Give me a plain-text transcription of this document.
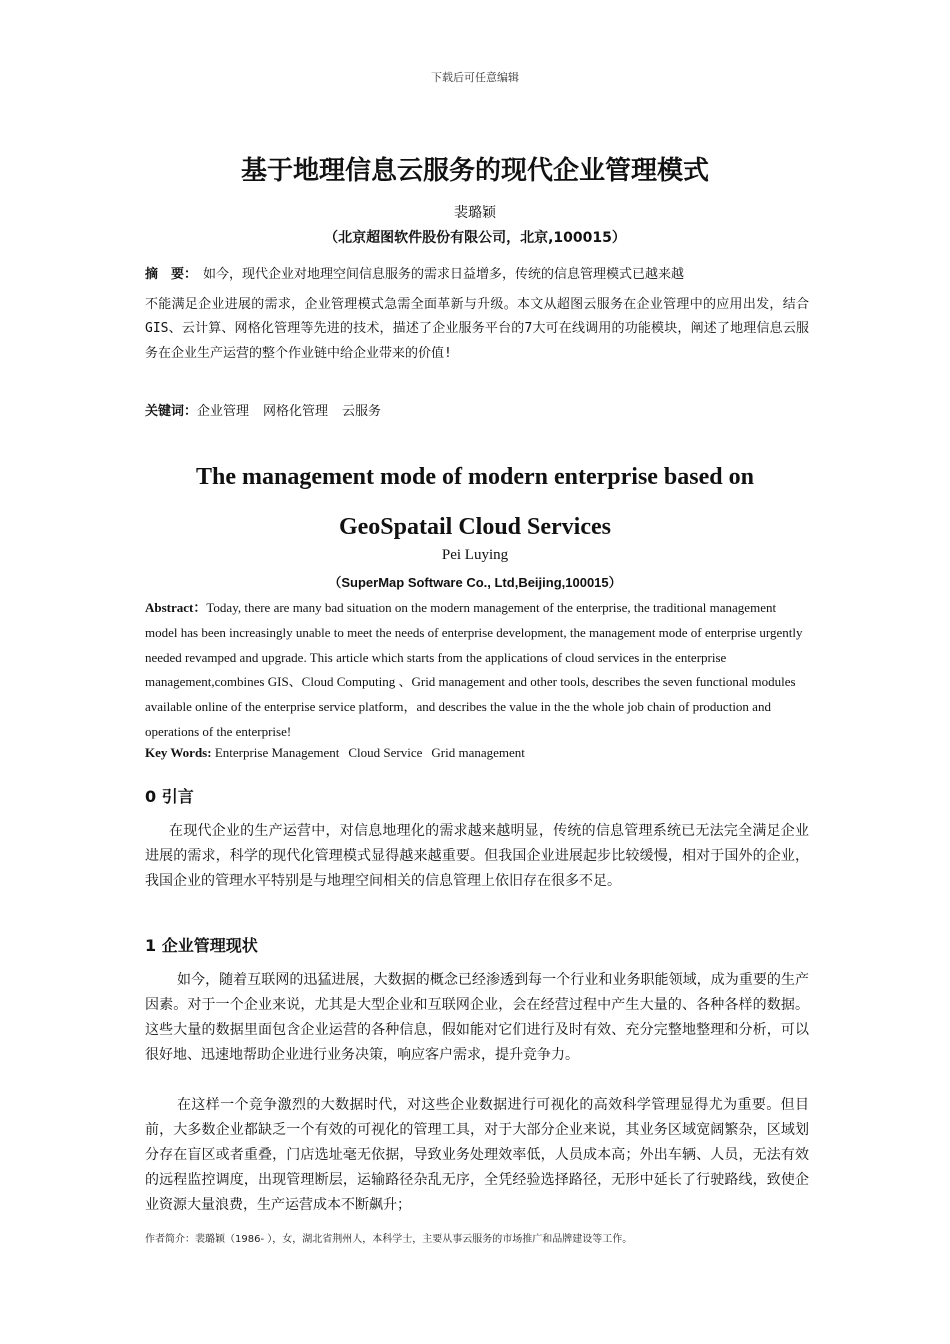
下载后可任意编辑
基于地理信息云服务的现代企业管理模式
裴璐颖
（北京超图软件股份有限公司，北京,100015）
摘　要： 如今，现代企业对地理空间信息服务的需求日益增多，传统的信息管理模式已越来越
不能满足企业进展的需求，企业管理模式急需全面革新与升级。本文从超图云服务在企业管理中的应用出发，结合GIS、云计算、网格化管理等先进的技术，描述了企业服务平台的7大可在线调用的功能模块，阐述了地理信息云服务在企业生产运营的整个作业链中给企业带来的价值!
关键词：企业管理 网格化管理 云服务
The management mode of modern enterprise based on
GeoSpatail Cloud Services
Pei Luying
（SuperMap Software Co., Ltd,Beijing,100015）
Abstract：Today, there are many bad situation on the modern management of the enterprise, the traditional management model has been increasingly unable to meet the needs of enterprise development, the management mode of enterprise urgently needed revamped and upgrade. This article which starts from the applications of cloud services in the enterprise management,combines GIS、Cloud Computing 、Grid management and other tools, describes the seven functional modules available online of the enterprise service platform，and describes the value in the the whole job chain of production and operations of the enterprise!
Key Words: Enterprise Management Cloud Service Grid management
0 引言
在现代企业的生产运营中，对信息地理化的需求越来越明显，传统的信息管理系统已无法完全满足企业进展的需求，科学的现代化管理模式显得越来越重要。但我国企业进展起步比较缓慢，相对于国外的企业，我国企业的管理水平特别是与地理空间相关的信息管理上依旧存在很多不足。
1 企业管理现状
如今，随着互联网的迅猛进展，大数据的概念已经渗透到每一个行业和业务职能领域，成为重要的生产因素。对于一个企业来说，尤其是大型企业和互联网企业，会在经营过程中产生大量的、各种各样的数据。这些大量的数据里面包含企业运营的各种信息，假如能对它们进行及时有效、充分完整地整理和分析，可以很好地、迅速地帮助企业进行业务决策，响应客户需求，提升竞争力。
在这样一个竞争激烈的大数据时代，对这些企业数据进行可视化的高效科学管理显得尤为重要。但目前，大多数企业都缺乏一个有效的可视化的管理工具，对于大部分企业来说，其业务区域宽阔繁杂，区域划分存在盲区或者重叠，门店选址毫无依据，导致业务处理效率低，人员成本高；外出车辆、人员，无法有效的远程监控调度，出现管理断层，运输路径杂乱无序，全凭经验选择路径，无形中延长了行驶路线，致使企业资源大量浪费，生产运营成本不断飙升；
作者简介：裴璐颖（1986- ），女，湖北省荆州人，本科学士，主要从事云服务的市场推广和品牌建设等工作。
